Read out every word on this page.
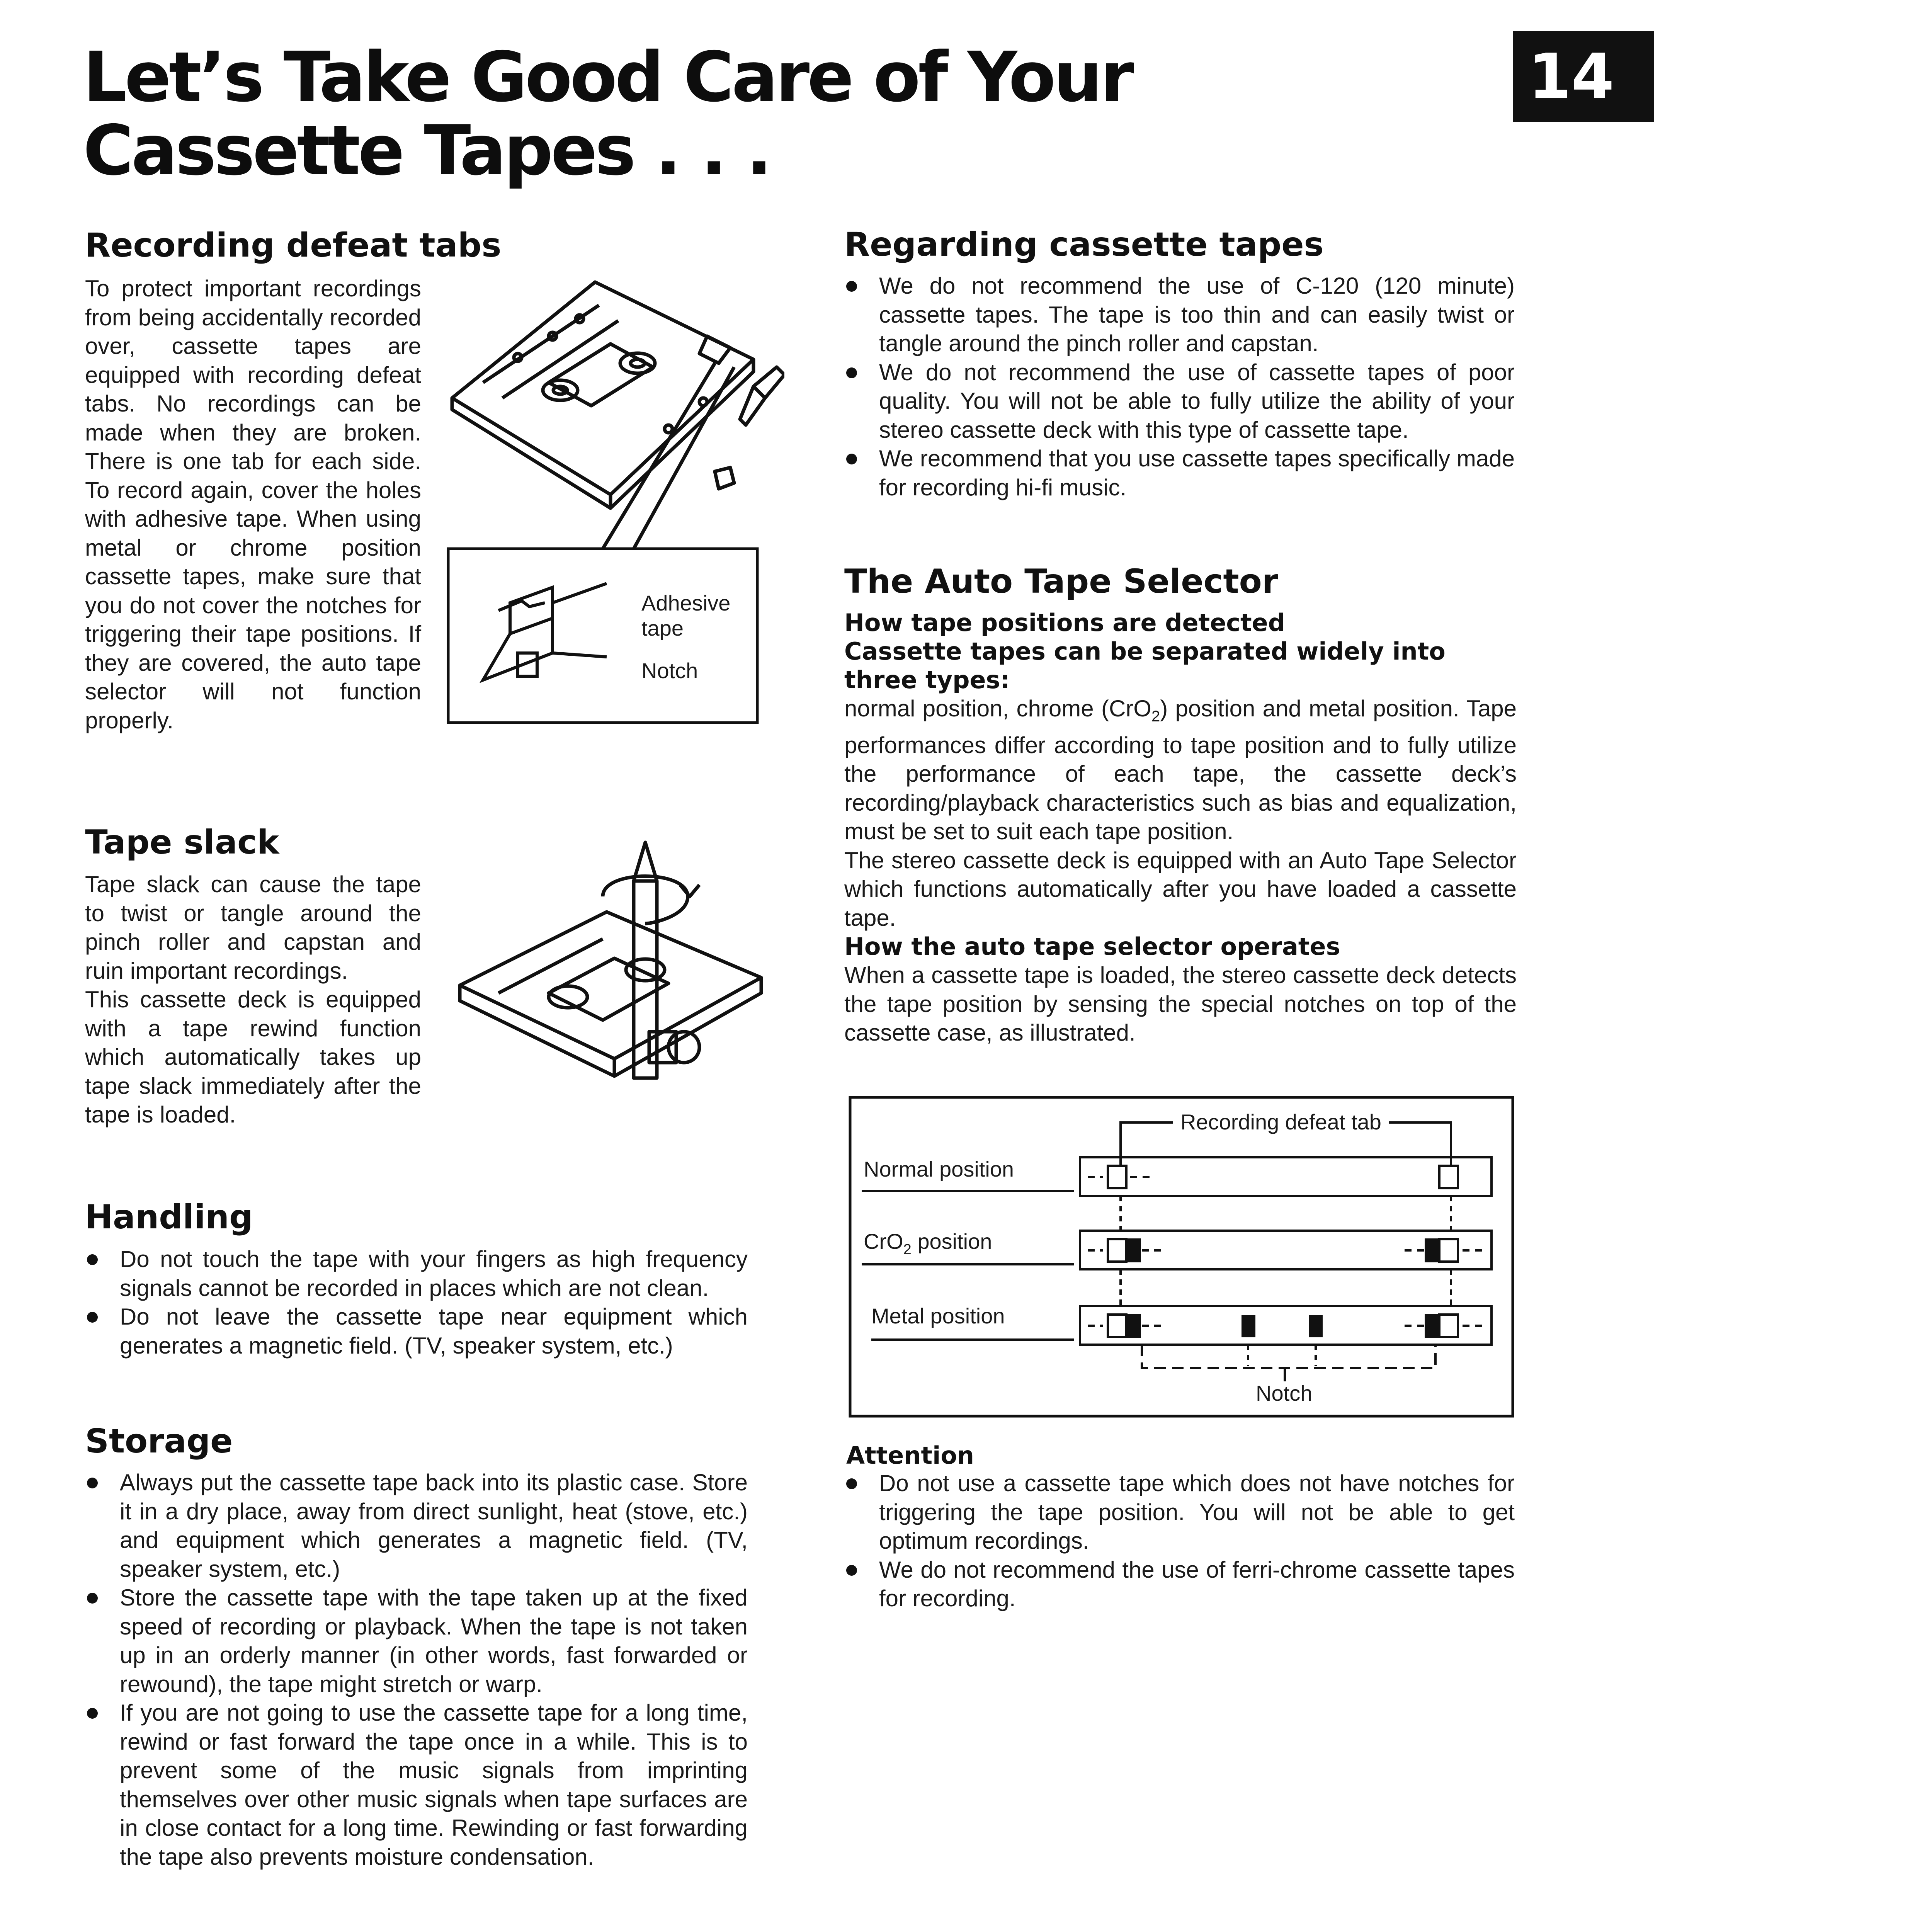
Let’s Take Good Care of Your
Cassette Tapes . . .
14
Recording defeat tabs

To protect important recordings from being accidentally recorded over, cassette tapes are equipped with recording defeat tabs. No recordings can be made when they are broken. There is one tab for each side. To record again, cover the holes with adhesive tape. When using metal or chrome position cassette tapes, make sure that you do not cover the notches for triggering their tape positions. If they are covered, the auto tape selector will not function properly.

Adhesive
tape
Notch
Tape slack

Tape slack can cause the tape to twist or tangle around the pinch roller and capstan and ruin important recordings.

This cassette deck is equipped with a tape rewind function which automatically takes up tape slack immediately after the tape is loaded.

Handling
Do not touch the tape with your fingers as high frequency signals cannot be recorded in places which are not clean.
Do not leave the cassette tape near equipment which generates a magnetic field. (TV, speaker system, etc.)
Storage
Always put the cassette tape back into its plastic case. Store it in a dry place, away from direct sunlight, heat (stove, etc.) and equipment which generates a magnetic field. (TV, speaker system, etc.)
Store the cassette tape with the tape taken up at the fixed speed of recording or playback. When the tape is not taken up in an orderly manner (in other words, fast forwarded or rewound), the tape might stretch or warp.
If you are not going to use the cassette tape for a long time, rewind or fast forward the tape once in a while. This is to prevent some of the music signals from imprinting themselves over other music signals when tape surfaces are in close contact for a long time. Rewinding or fast forwarding the tape also prevents moisture condensation.
Regarding cassette tapes
We do not recommend the use of C-120 (120 minute) cassette tapes. The tape is too thin and can easily twist or tangle around the pinch roller and capstan.
We do not recommend the use of cassette tapes of poor quality. You will not be able to fully utilize the ability of your stereo cassette deck with this type of cassette tape.
We recommend that you use cassette tapes specifically made for recording hi-fi music.
The Auto Tape Selector
How tape positions are detected
Cassette tapes can be separated widely into three types:

normal position, chrome (CrO$_2$) position and metal position. Tape performances differ according to tape position and to fully utilize the performance of each tape, the cassette deck’s recording/playback characteristics such as bias and equalization, must be set to suit each tape position.

The stereo cassette deck is equipped with an Auto Tape Selector which functions automatically after you have loaded a cassette tape.

How the auto tape selector operates

When a cassette tape is loaded, the stereo cassette deck detects the tape position by sensing the special notches on top of the cassette case, as illustrated.

Recording defeat tab
Normal position
CrO$_2$ position
Metal position
Notch
Attention
Do not use a cassette tape which does not have notches for triggering the tape position. You will not be able to get optimum recordings.
We do not recommend the use of ferri-chrome cassette tapes for recording.
